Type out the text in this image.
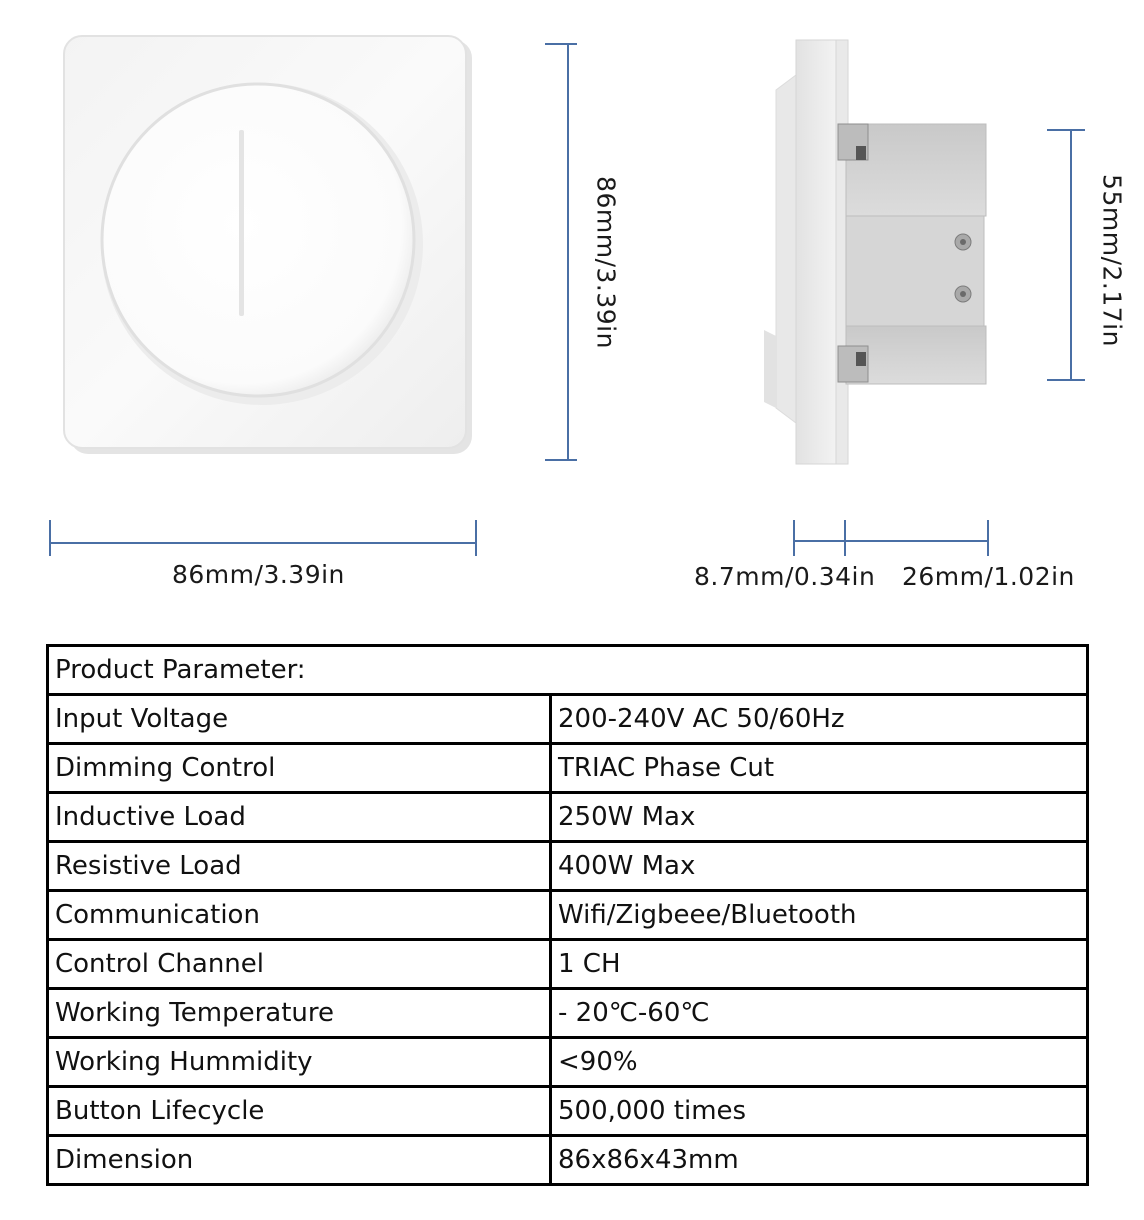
86mm/3.39in
86mm/3.39in
8.7mm/0.34in 26mm/1.02in
55mm/2.17in
Product Parameter:	
Input Voltage	200-240V AC 50/60Hz
Dimming Control	TRIAC Phase Cut
Inductive Load	250W Max
Resistive Load	400W Max
Communication	Wifi/Zigbeee/Bluetooth
Control Channel	1 CH
Working Temperature	- 20℃-60℃
Working Hummidity	<90%
Button Lifecycle	500,000 times
Dimension	86x86x43mm
